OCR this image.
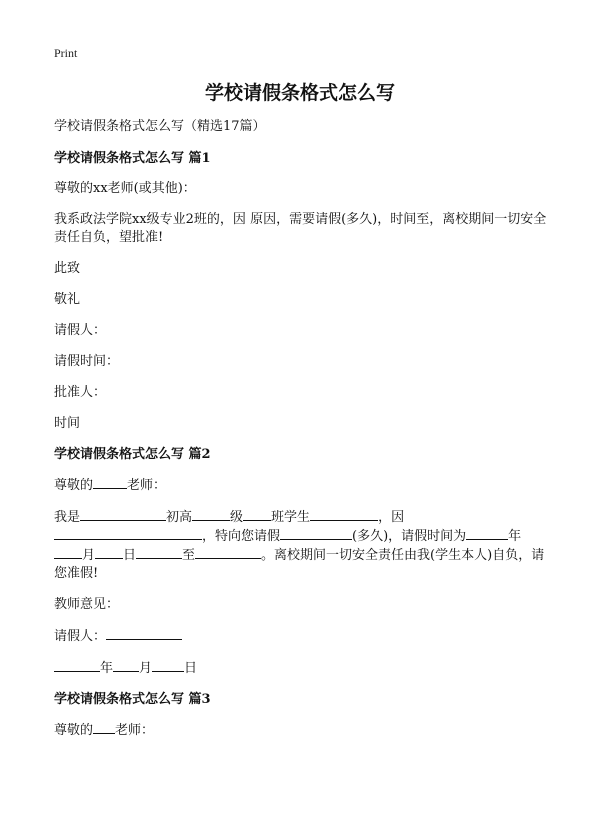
Print
学校请假条格式怎么写

学校请假条格式怎么写（精选17篇）

学校请假条格式怎么写 篇1

尊敬的xx老师(或其他)：

我系政法学院xx级专业2班的，因 原因，需要请假(多久)，时间至，离校期间一切安全责任自负，望批准!

此致

敬礼

请假人：

请假时间：

批准人：

时间

学校请假条格式怎么写 篇2

尊敬的	老师：

我是	初高	级 班学生	，因
，特向您请假	(多久)，请假时间为	年
月 日	至	。离校期间一切安全责任由我(学生本人)自负，请您准假!

教师意见：

请假人：

年 月 日

学校请假条格式怎么写 篇3

尊敬的 老师：
